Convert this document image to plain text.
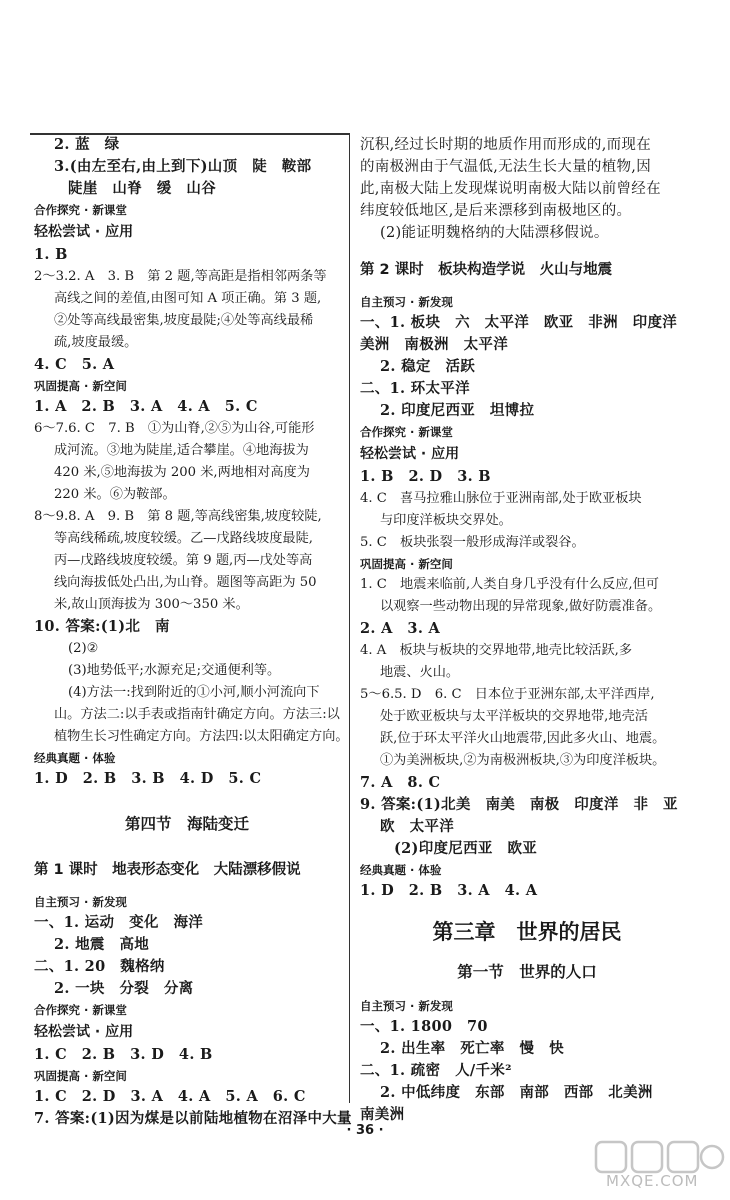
2. 蓝　绿
3.(由左至右,由上到下)山顶　陡　鞍部
陡崖　山脊　缓　山谷
合作探究 · 新课堂
轻松尝试 · 应用
1. B
2～3.2. A　3. B　第 2 题,等高距是指相邻两条等
高线之间的差值,由图可知 A 项正确。第 3 题,
②处等高线最密集,坡度最陡;④处等高线最稀
疏,坡度最缓。
4. C　5. A
巩固提高 · 新空间
1. A　2. B　3. A　4. A　5. C
6～7.6. C　7. B　①为山脊,②⑤为山谷,可能形
成河流。③地为陡崖,适合攀崖。④地海拔为
420 米,⑤地海拔为 200 米,两地相对高度为
220 米。⑥为鞍部。
8～9.8. A　9. B　第 8 题,等高线密集,坡度较陡,
等高线稀疏,坡度较缓。乙—戊路线坡度最陡,
丙—戊路线坡度较缓。第 9 题,丙—戊处等高
线向海拔低处凸出,为山脊。题图等高距为 50
米,故山顶海拔为 300～350 米。
10. 答案:(1)北　南
(2)②
(3)地势低平;水源充足;交通便利等。
(4)方法一:找到附近的①小河,顺小河流向下
山。方法二:以手表或指南针确定方向。方法三:以
植物生长习性确定方向。方法四:以太阳确定方向。
经典真题 · 体验
1. D　2. B　3. B　4. D　5. C
第四节　海陆变迁
第 1 课时　地表形态变化　大陆漂移假说
自主预习 · 新发现
一、1. 运动　变化　海洋
2. 地震　高地
二、1. 20　魏格纳
2. 一块　分裂　分离
合作探究 · 新课堂
轻松尝试 · 应用
1. C　2. B　3. D　4. B
巩固提高 · 新空间
1. C　2. D　3. A　4. A　5. A　6. C
7. 答案:(1)因为煤是以前陆地植物在沼泽中大量
沉积,经过长时期的地质作用而形成的,而现在
的南极洲由于气温低,无法生长大量的植物,因
此,南极大陆上发现煤说明南极大陆以前曾经在
纬度较低地区,是后来漂移到南极地区的。
(2)能证明魏格纳的大陆漂移假说。
第 2 课时　板块构造学说　火山与地震
自主预习 · 新发现
一、1. 板块　六　太平洋　欧亚　非洲　印度洋
美洲　南极洲　太平洋
2. 稳定　活跃
二、1. 环太平洋
2. 印度尼西亚　坦博拉
合作探究 · 新课堂
轻松尝试 · 应用
1. B　2. D　3. B
4. C　喜马拉雅山脉位于亚洲南部,处于欧亚板块
与印度洋板块交界处。
5. C　板块张裂一般形成海洋或裂谷。
巩固提高 · 新空间
1. C　地震来临前,人类自身几乎没有什么反应,但可
以观察一些动物出现的异常现象,做好防震准备。
2. A　3. A
4. A　板块与板块的交界地带,地壳比较活跃,多
地震、火山。
5～6.5. D　6. C　日本位于亚洲东部,太平洋西岸,
处于欧亚板块与太平洋板块的交界地带,地壳活
跃,位于环太平洋火山地震带,因此多火山、地震。
①为美洲板块,②为南极洲板块,③为印度洋板块。
7. A　8. C
9. 答案:(1)北美　南美　南极　印度洋　非　亚
欧　太平洋
(2)印度尼西亚　欧亚
经典真题 · 体验
1. D　2. B　3. A　4. A
第三章　世界的居民
第一节　世界的人口
自主预习 · 新发现
一、1. 1800　70
2. 出生率　死亡率　慢　快
二、1. 疏密　人/千米²
2. 中低纬度　东部　南部　西部　北美洲
南美洲
· 36 ·
MXQE.COM
